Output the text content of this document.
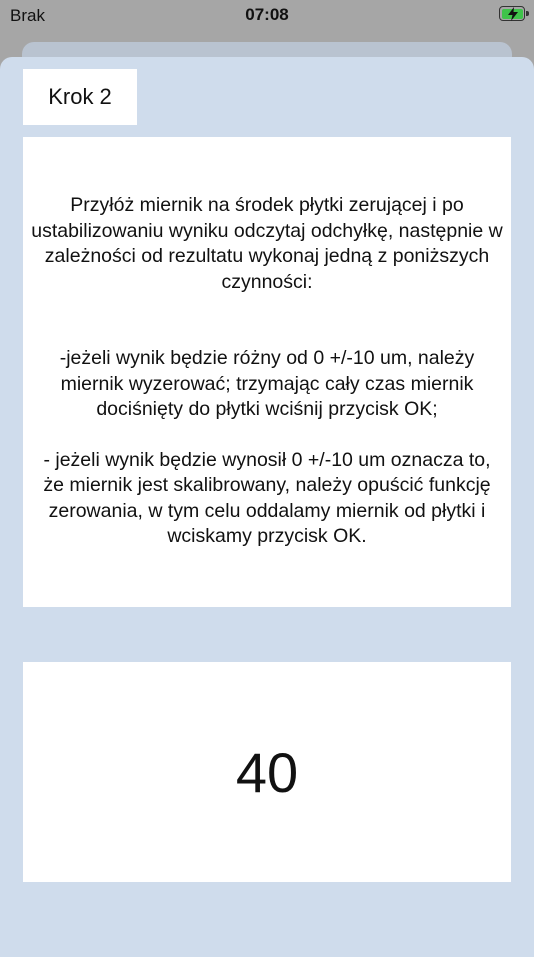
Brak	07:08
Krok 2

Przyłóż miernik na środek płytki zerującej i po ustabilizowaniu wyniku odczytaj odchyłkę, następnie w zależności od rezultatu wykonaj jedną z poniższych czynności:

-jeżeli wynik będzie różny od 0 +/-10 um, należy miernik wyzerować; trzymając cały czas miernik dociśnięty do płytki wciśnij przycisk OK;

- jeżeli wynik będzie wynosił 0 +/-10 um oznacza to, że miernik jest skalibrowany, należy opuścić funkcję zerowania, w tym celu oddalamy miernik od płytki i wciskamy przycisk OK.

40
